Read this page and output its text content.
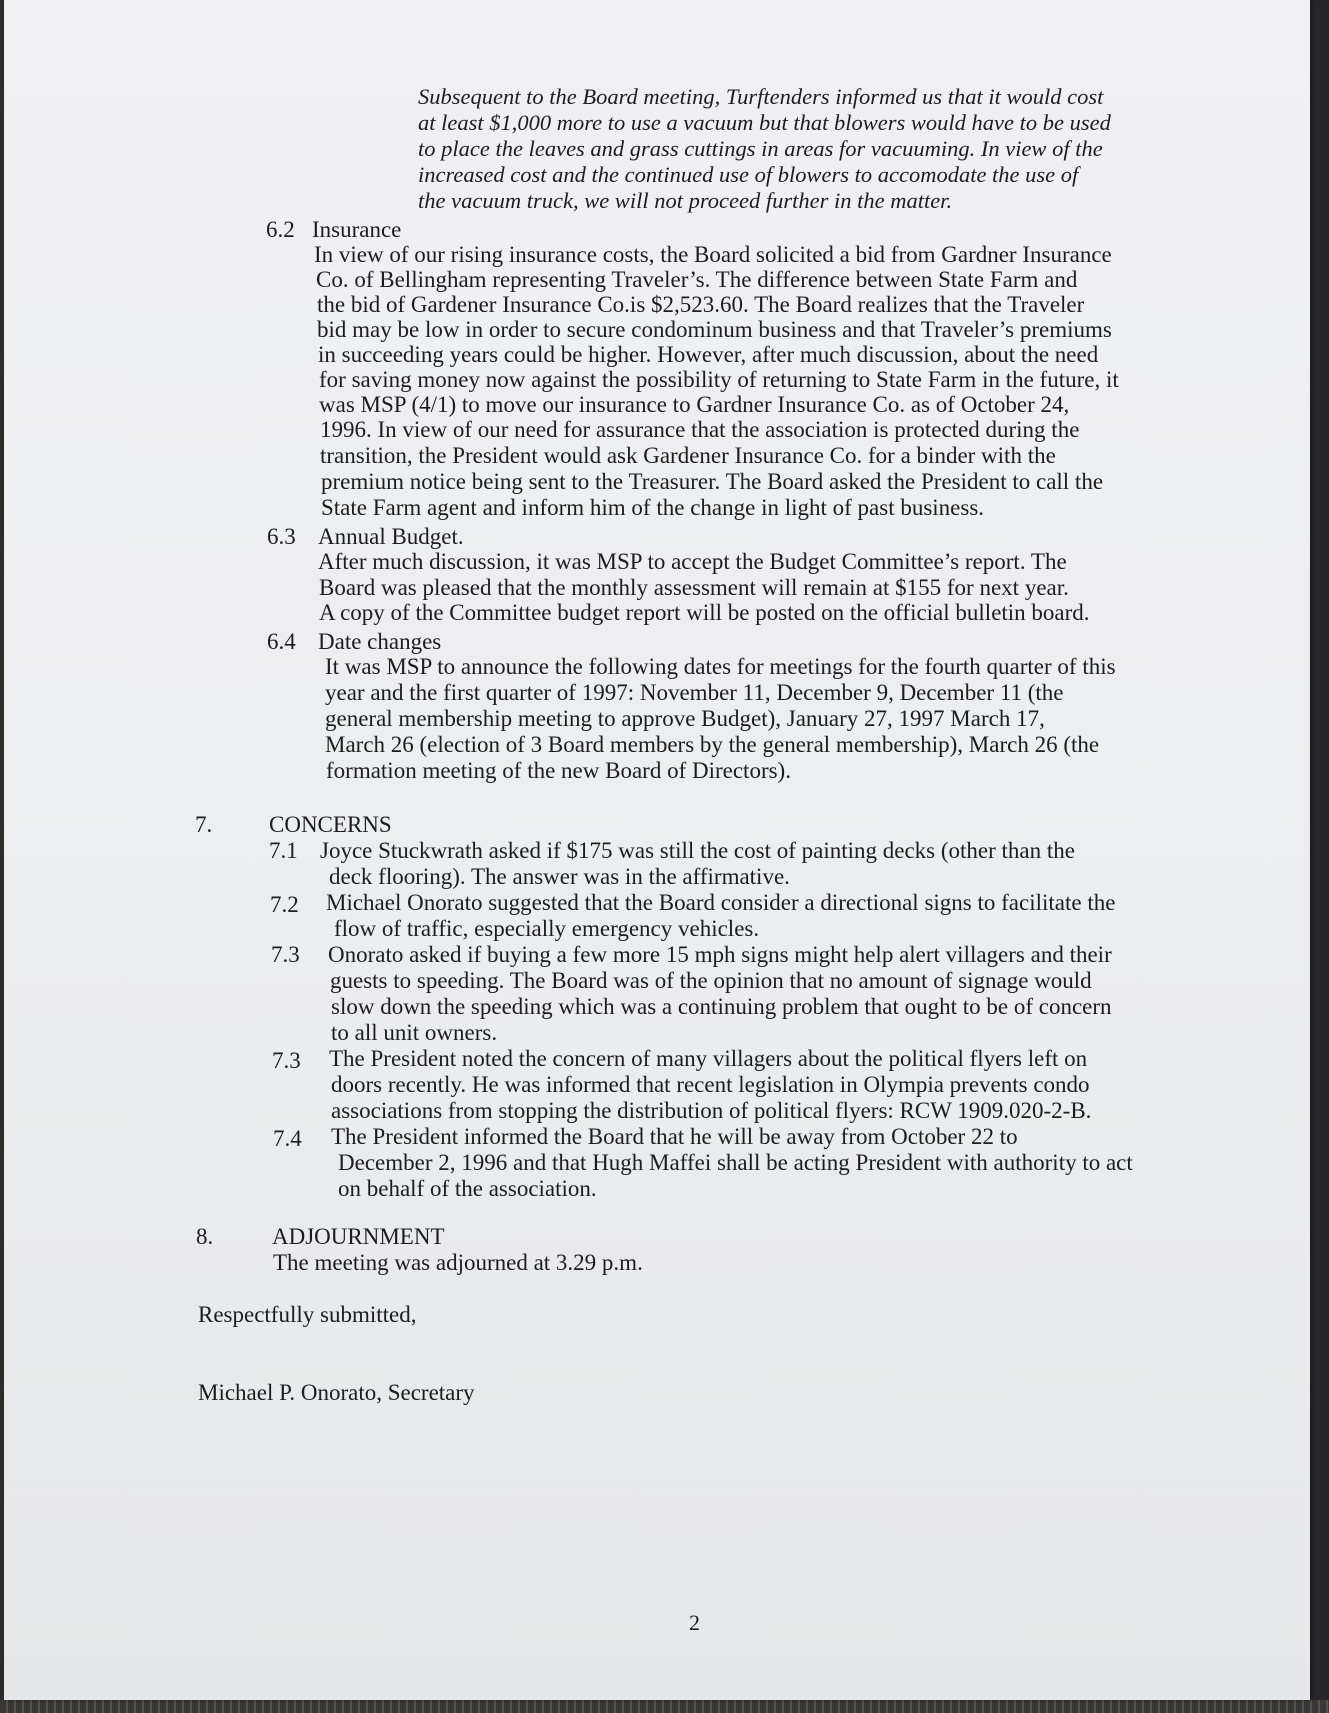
Subsequent to the Board meeting, Turftenders informed us that it would cost

at least $1,000 more to use a vacuum but that blowers would have to be used

to place the leaves and grass cuttings in areas for vacuuming. In view of the

increased cost and the continued use of blowers to accomodate the use of

the vacuum truck, we will not proceed further in the matter.

6.2 Insurance

In view of our rising insurance costs, the Board solicited a bid from Gardner Insurance

Co. of Bellingham representing Traveler’s. The difference between State Farm and

the bid of Gardener Insurance Co.is $2,523.60. The Board realizes that the Traveler

bid may be low in order to secure condominum business and that Traveler’s premiums

in succeeding years could be higher. However, after much discussion, about the need

for saving money now against the possibility of returning to State Farm in the future, it

was MSP (4/1) to move our insurance to Gardner Insurance Co. as of October 24,

1996. In view of our need for assurance that the association is protected during the

transition, the President would ask Gardener Insurance Co. for a binder with the

premium notice being sent to the Treasurer. The Board asked the President to call the

State Farm agent and inform him of the change in light of past business.

6.3 Annual Budget.

After much discussion, it was MSP to accept the Budget Committee’s report. The

Board was pleased that the monthly assessment will remain at $155 for next year.

A copy of the Committee budget report will be posted on the official bulletin board.

6.4 Date changes

It was MSP to announce the following dates for meetings for the fourth quarter of this

year and the first quarter of 1997: November 11, December 9, December 11 (the

general membership meeting to approve Budget), January 27, 1997 March 17,

March 26 (election of 3 Board members by the general membership), March 26 (the

formation meeting of the new Board of Directors).

7. CONCERNS

7.1 Joyce Stuckwrath asked if $175 was still the cost of painting decks (other than the

deck flooring). The answer was in the affirmative.

7.2 Michael Onorato suggested that the Board consider a directional signs to facilitate the

flow of traffic, especially emergency vehicles.

7.3 Onorato asked if buying a few more 15 mph signs might help alert villagers and their

guests to speeding. The Board was of the opinion that no amount of signage would

slow down the speeding which was a continuing problem that ought to be of concern

to all unit owners.

7.3 The President noted the concern of many villagers about the political flyers left on

doors recently. He was informed that recent legislation in Olympia prevents condo

associations from stopping the distribution of political flyers: RCW 1909.020-2-B.

7.4 The President informed the Board that he will be away from October 22 to

December 2, 1996 and that Hugh Maffei shall be acting President with authority to act

on behalf of the association.

8.	ADJOURNMENT

The meeting was adjourned at 3.29 p.m.

Respectfully submitted,

Michael P. Onorato, Secretary

2
